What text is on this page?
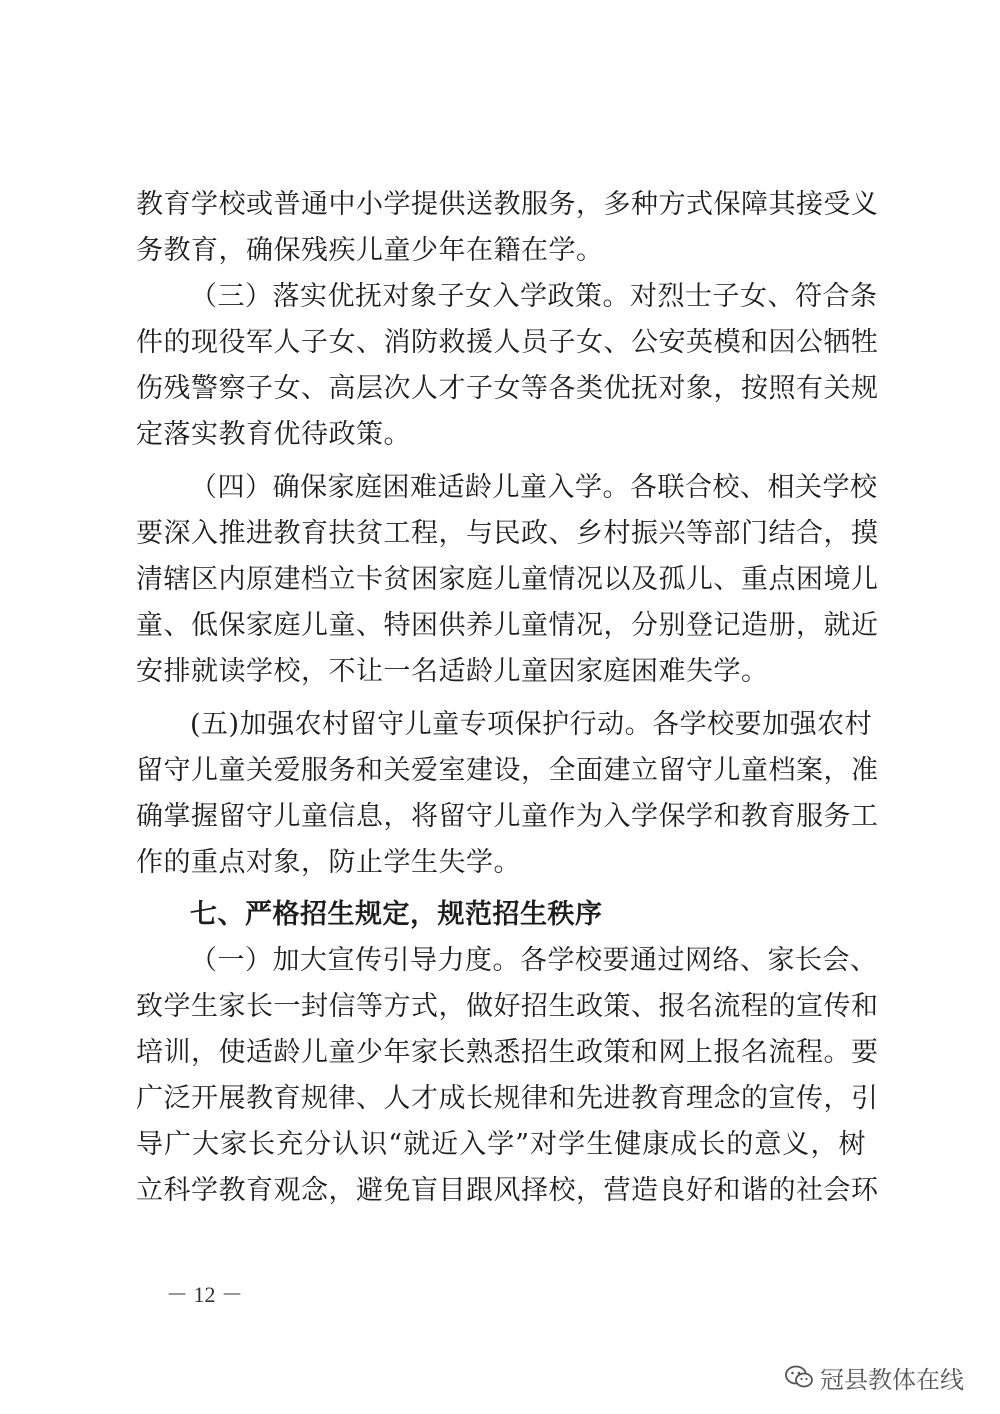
教育学校或普通中小学提供送教服务，多种方式保障其接受义
务教育，确保残疾儿童少年在籍在学。
（三）落实优抚对象子女入学政策。对烈士子女、符合条
件的现役军人子女、消防救援人员子女、公安英模和因公牺牲
伤残警察子女、高层次人才子女等各类优抚对象，按照有关规
定落实教育优待政策。
（四）确保家庭困难适龄儿童入学。各联合校、相关学校
要深入推进教育扶贫工程，与民政、乡村振兴等部门结合，摸
清辖区内原建档立卡贫困家庭儿童情况以及孤儿、重点困境儿
童、低保家庭儿童、特困供养儿童情况，分别登记造册，就近
安排就读学校，不让一名适龄儿童因家庭困难失学。
(五)加强农村留守儿童专项保护行动。各学校要加强农村
留守儿童关爱服务和关爱室建设，全面建立留守儿童档案，准
确掌握留守儿童信息，将留守儿童作为入学保学和教育服务工
作的重点对象，防止学生失学。
七、严格招生规定，规范招生秩序
（一）加大宣传引导力度。各学校要通过网络、家长会、
致学生家长一封信等方式，做好招生政策、报名流程的宣传和
培训，使适龄儿童少年家长熟悉招生政策和网上报名流程。要
广泛开展教育规律、人才成长规律和先进教育理念的宣传，引
导广大家长充分认识“就近入学”对学生健康成长的意义，树
立科学教育观念，避免盲目跟风择校，营造良好和谐的社会环
－ 12 －
冠县教体在线
